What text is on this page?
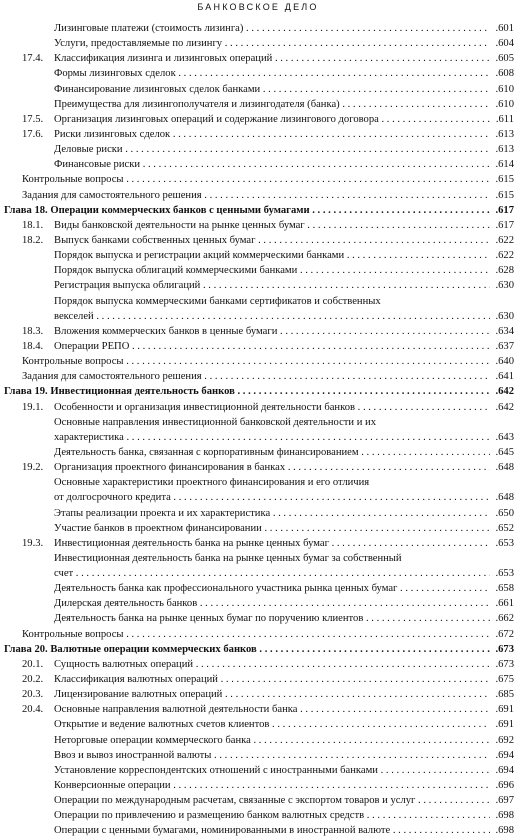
БАНКОВСКОЕ ДЕЛО
Лизинговые платежи (стоимость лизинга) . . .	.601
Услуги, предоставляемые по лизингу . . .	.604
17.4. Классификация лизинга и лизинговых операций . . .	.605
Формы лизинговых сделок . . .	.608
Финансирование лизинговых сделок банками . . .	.610
Преимущества для лизингополучателя и лизингодателя (банка) . . .	.610
17.5. Организация лизинговых операций и содержание лизингового договора . . .	.611
17.6. Риски лизинговых сделок . . .	.613
Деловые риски . . .	.613
Финансовые риски . . .	.614
Контрольные вопросы . . .	.615
Задания для самостоятельного решения . . .	.615
Глава 18. Операции коммерческих банков с ценными бумагами . . .	.617
18.1. Виды банковской деятельности на рынке ценных бумаг . . .	.617
18.2. Выпуск банками собственных ценных бумаг . . .	.622
Порядок выпуска и регистрации акций коммерческими банками . . .	.622
Порядок выпуска облигаций коммерческими банками . . .	.628
Регистрация выпуска облигаций . . .	.630
Порядок выпуска коммерческими банками сертификатов и собственных
векселей . . .	.630
18.3. Вложения коммерческих банков в ценные бумаги . . .	.634
18.4. Операции РЕПО . . .	.637
Контрольные вопросы . . .	.640
Задания для самостоятельного решения . . .	.641
Глава 19. Инвестиционная деятельность банков . . .	.642
19.1. Особенности и организация инвестиционной деятельности банков . . .	.642
Основные направления инвестиционной банковской деятельности и их
характеристика . . .	.643
Деятельность банка, связанная с корпоративным финансированием . . .	.645
19.2. Организация проектного финансирования в банках . . .	.648
Основные характеристики проектного финансирования и его отличия
от долгосрочного кредита . . .	.648
Этапы реализации проекта и их характеристика . . .	.650
Участие банков в проектном финансировании . . .	.652
19.3. Инвестиционная деятельность банка на рынке ценных бумаг . . .	.653
Инвестиционная деятельность банка на рынке ценных бумаг за собственный
счет . . .	.653
Деятельность банка как профессионального участника рынка ценных бумаг . . .	.658
Дилерская деятельность банков . . .	.661
Деятельность банка на рынке ценных бумаг по поручению клиентов . . .	.662
Контрольные вопросы . . .	.672
Глава 20. Валютные операции коммерческих банков . . .	.673
20.1. Сущность валютных операций . . .	.673
20.2. Классификация валютных операций . . .	.675
20.3. Лицензирование валютных операций . . .	.685
20.4. Основные направления валютной деятельности банка . . .	.691
Открытие и ведение валютных счетов клиентов . . .	.691
Неторговые операции коммерческого банка . . .	.692
Ввоз и вывоз иностранной валюты . . .	.694
Установление корреспондентских отношений с иностранными банками . . .	.694
Конверсионные операции . . .	.696
Операции по международным расчетам, связанные с экспортом товаров и услуг . . .	.697
Операции по привлечению и размещению банком валютных средств . . .	.698
Операции с ценными бумагами, номинированными в иностранной валюте . . .	.698
